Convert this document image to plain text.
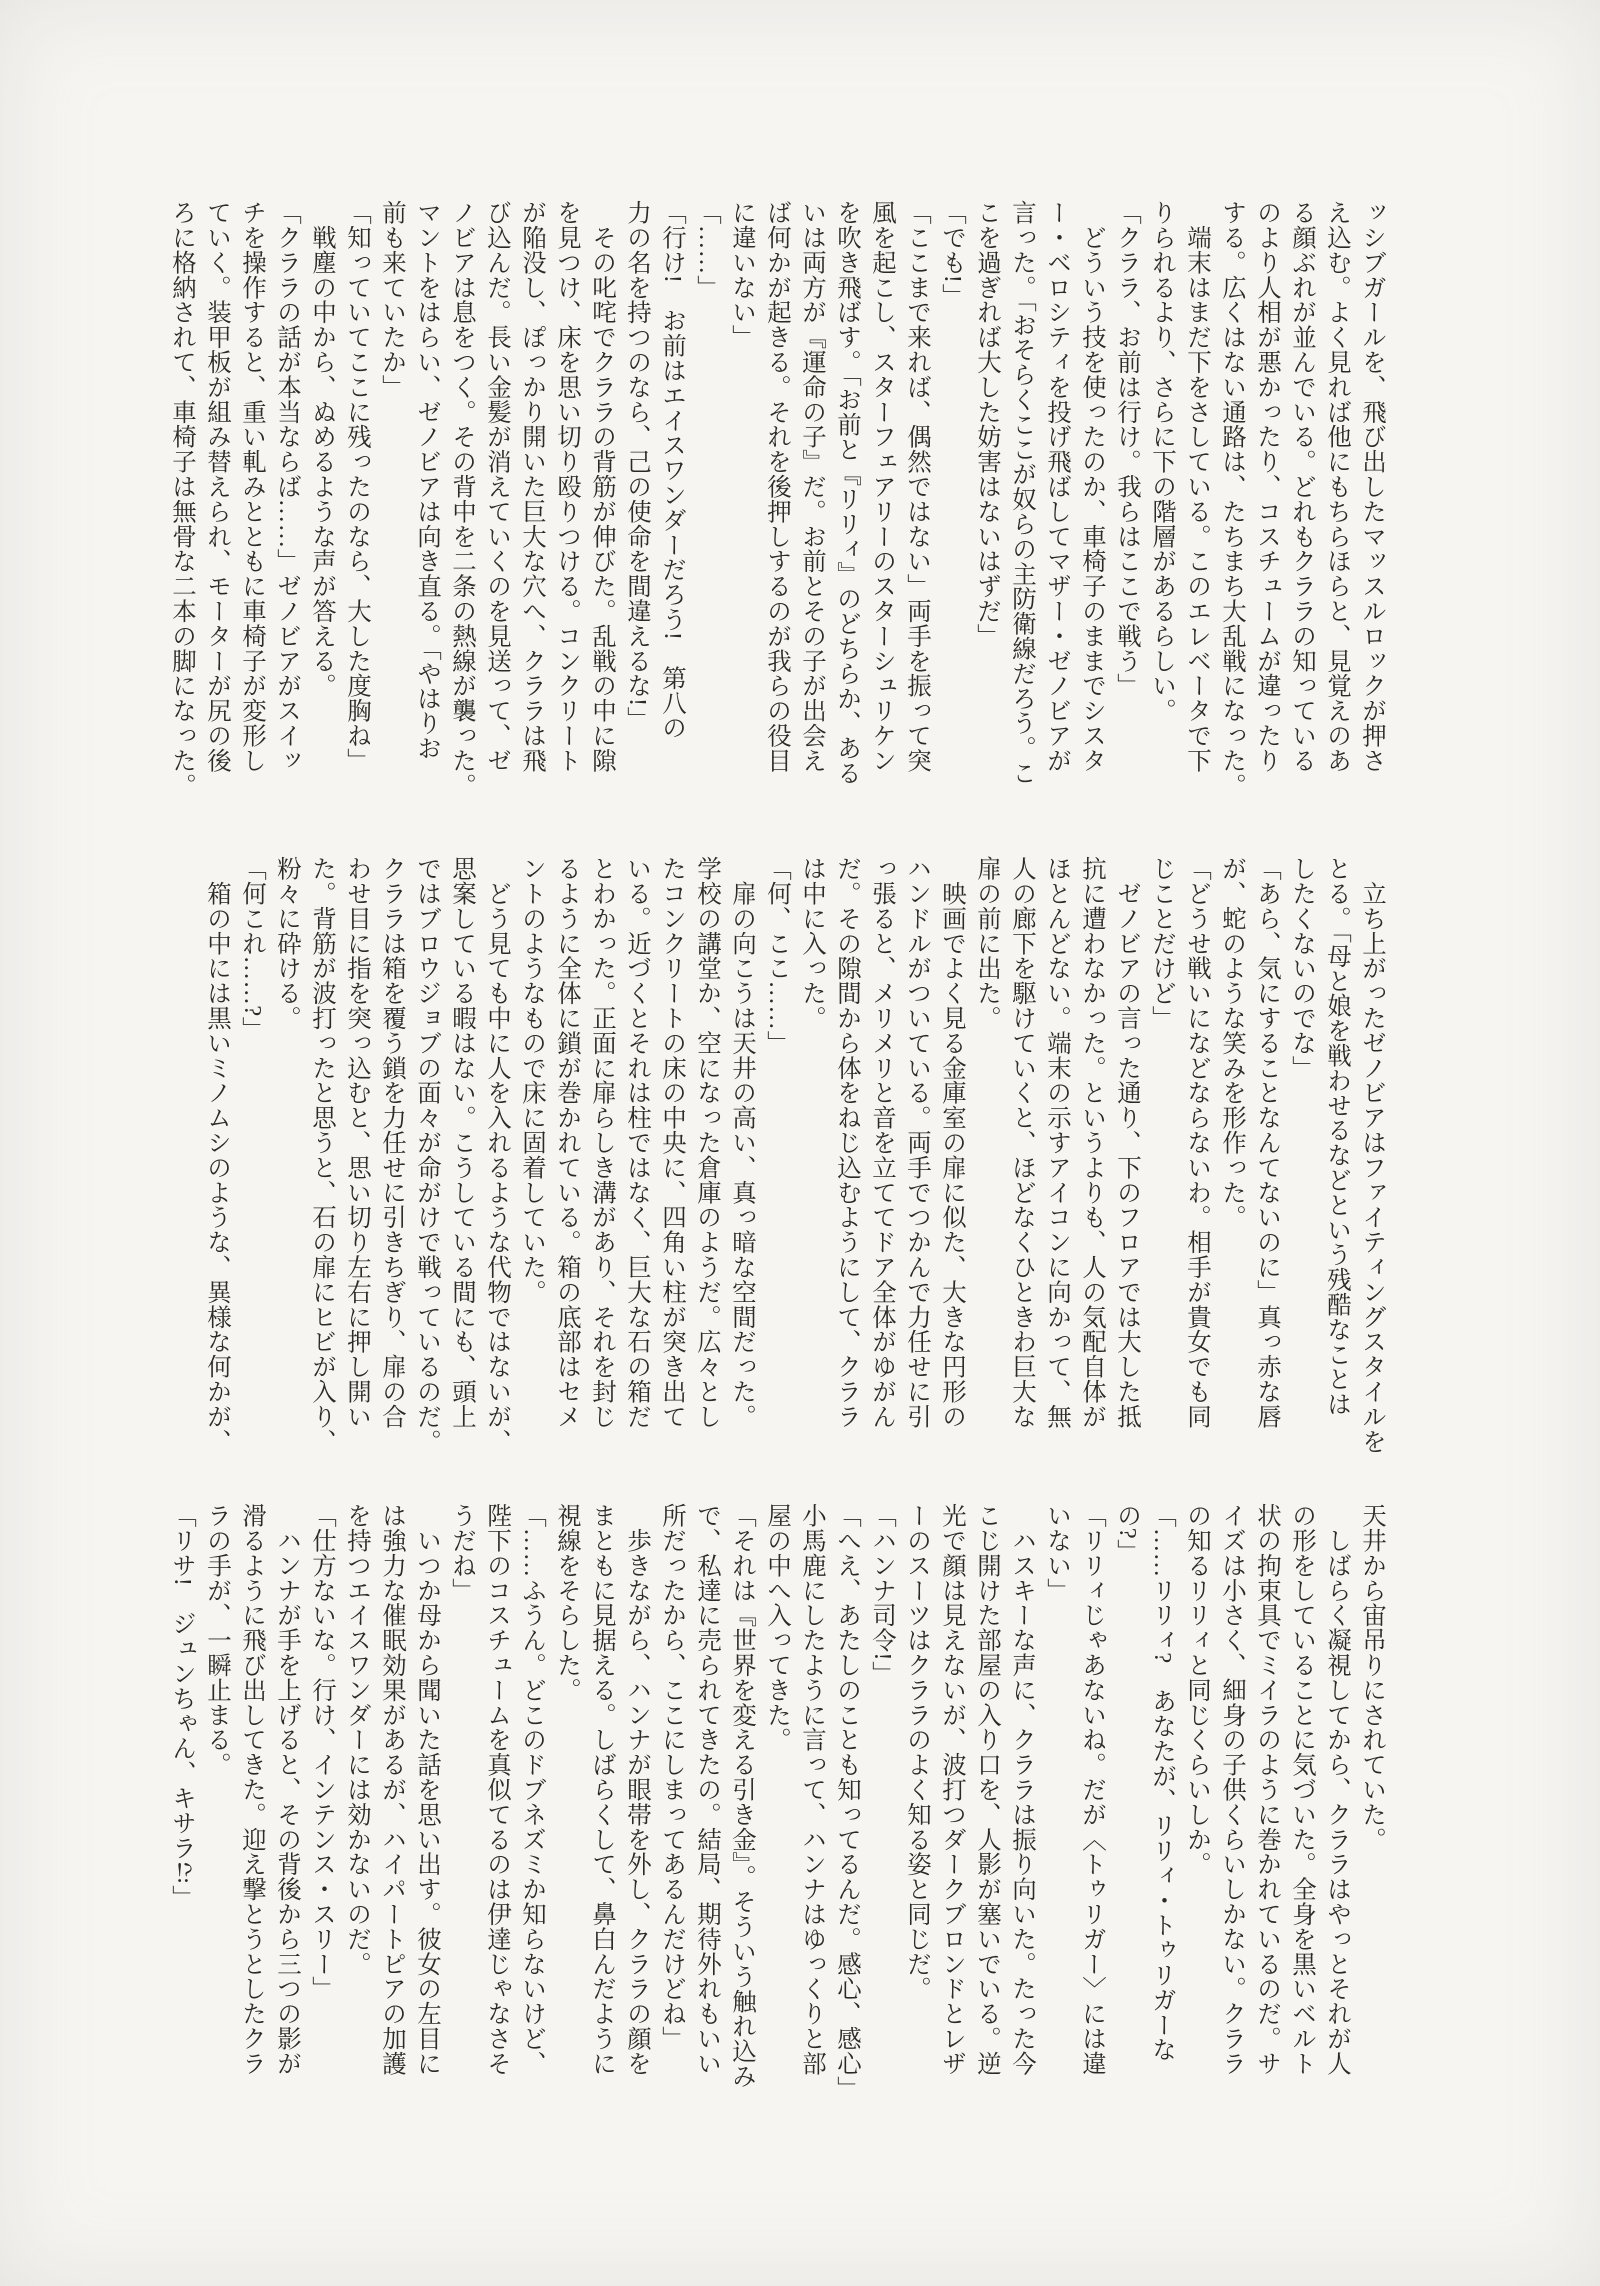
ッシブガールを、飛び出したマッスルロックが押さ
え込む。よく見れば他にもちらほらと、見覚えのあ
る顔ぶれが並んでいる。どれもクララの知っている
のより人相が悪かったり、コスチュームが違ったり
する。広くはない通路は、たちまち大乱戦になった。
　端末はまだ下をさしている。このエレベータで下
りられるより、さらに下の階層があるらしい。
「クララ、お前は行け。我らはここで戦う」
　どういう技を使ったのか、車椅子のままでシスタ
ー・ベロシティを投げ飛ばしてマザー・ゼノビアが
言った。「おそらくここが奴らの主防衛線だろう。こ
こを過ぎれば大した妨害はないはずだ」
「でも!」
「ここまで来れば、偶然ではない」両手を振って突
風を起こし、スターフェアリーのスターシュリケン
を吹き飛ばす。「お前と『リリィ』のどちらか、ある
いは両方が『運命の子』だ。お前とその子が出会え
ば何かが起きる。それを後押しするのが我らの役目
に違いない」
「……」
「行け!　お前はエイスワンダーだろう!　第八の
力の名を持つのなら、己の使命を間違えるな!」
　その叱咤でクララの背筋が伸びた。乱戦の中に隙
を見つけ、床を思い切り殴りつける。コンクリート
が陥没し、ぽっかり開いた巨大な穴へ、クララは飛
び込んだ。長い金髪が消えていくのを見送って、ゼ
ノビアは息をつく。その背中を二条の熱線が襲った。
マントをはらい、ゼノビアは向き直る。「やはりお
前も来ていたか」
「知っていてここに残ったのなら、大した度胸ね」
　戦塵の中から、ぬめるような声が答える。
「クララの話が本当ならば……」ゼノビアがスイッ
チを操作すると、重い軋みとともに車椅子が変形し
ていく。装甲板が組み替えられ、モーターが尻の後
ろに格納されて、車椅子は無骨な二本の脚になった。
　立ち上がったゼノビアはファイティングスタイルを
とる。「母と娘を戦わせるなどという残酷なことは
したくないのでな」
「あら、気にすることなんてないのに」真っ赤な唇
が、蛇のような笑みを形作った。
「どうせ戦いになどならないわ。相手が貴女でも同
じことだけど」
　ゼノビアの言った通り、下のフロアでは大した抵
抗に遭わなかった。というよりも、人の気配自体が
ほとんどない。端末の示すアイコンに向かって、無
人の廊下を駆けていくと、ほどなくひときわ巨大な
扉の前に出た。
　映画でよく見る金庫室の扉に似た、大きな円形の
ハンドルがついている。両手でつかんで力任せに引
っ張ると、メリメリと音を立ててドア全体がゆがん
だ。その隙間から体をねじ込むようにして、クララ
は中に入った。
「何、ここ……」
　扉の向こうは天井の高い、真っ暗な空間だった。
学校の講堂か、空になった倉庫のようだ。広々とし
たコンクリートの床の中央に、四角い柱が突き出て
いる。近づくとそれは柱ではなく、巨大な石の箱だ
とわかった。正面に扉らしき溝があり、それを封じ
るように全体に鎖が巻かれている。箱の底部はセメ
ントのようなもので床に固着していた。
　どう見ても中に人を入れるような代物ではないが、
思案している暇はない。こうしている間にも、頭上
ではブロウジョブの面々が命がけで戦っているのだ。
クララは箱を覆う鎖を力任せに引きちぎり、扉の合
わせ目に指を突っ込むと、思い切り左右に押し開い
た。背筋が波打ったと思うと、石の扉にヒビが入り、
粉々に砕ける。
「何これ……?」
　箱の中には黒いミノムシのような、異様な何かが、
天井から宙吊りにされていた。
　しばらく凝視してから、クララはやっとそれが人
の形をしていることに気づいた。全身を黒いベルト
状の拘束具でミイラのように巻かれているのだ。サ
イズは小さく、細身の子供くらいしかない。クララ
の知るリリィと同じくらいしか。
「……リリィ?　あなたが、リリィ・トゥリガーな
の?」
「リリィじゃあないね。だが〈トゥリガー〉には違
いない」
　ハスキーな声に、クララは振り向いた。たった今
こじ開けた部屋の入り口を、人影が塞いでいる。逆
光で顔は見えないが、波打つダークブロンドとレザ
ーのスーツはクララのよく知る姿と同じだ。
「ハンナ司令!」
「へえ、あたしのことも知ってるんだ。感心、感心」
小馬鹿にしたように言って、ハンナはゆっくりと部
屋の中へ入ってきた。
「それは『世界を変える引き金』。そういう触れ込み
で、私達に売られてきたの。結局、期待外れもいい
所だったから、ここにしまってあるんだけどね」
　歩きながら、ハンナが眼帯を外し、クララの顔を
まともに見据える。しばらくして、鼻白んだように
視線をそらした。
「……ふうん。どこのドブネズミか知らないけど、
陛下のコスチュームを真似てるのは伊達じゃなさそ
うだね」
　いつか母から聞いた話を思い出す。彼女の左目に
は強力な催眠効果があるが、ハイパートピアの加護
を持つエイスワンダーには効かないのだ。
「仕方ないな。行け、インテンス・スリー」
　ハンナが手を上げると、その背後から三つの影が
滑るように飛び出してきた。迎え撃とうとしたクラ
ラの手が、一瞬止まる。
「リサ!　ジュンちゃん、キサラ⁉」
